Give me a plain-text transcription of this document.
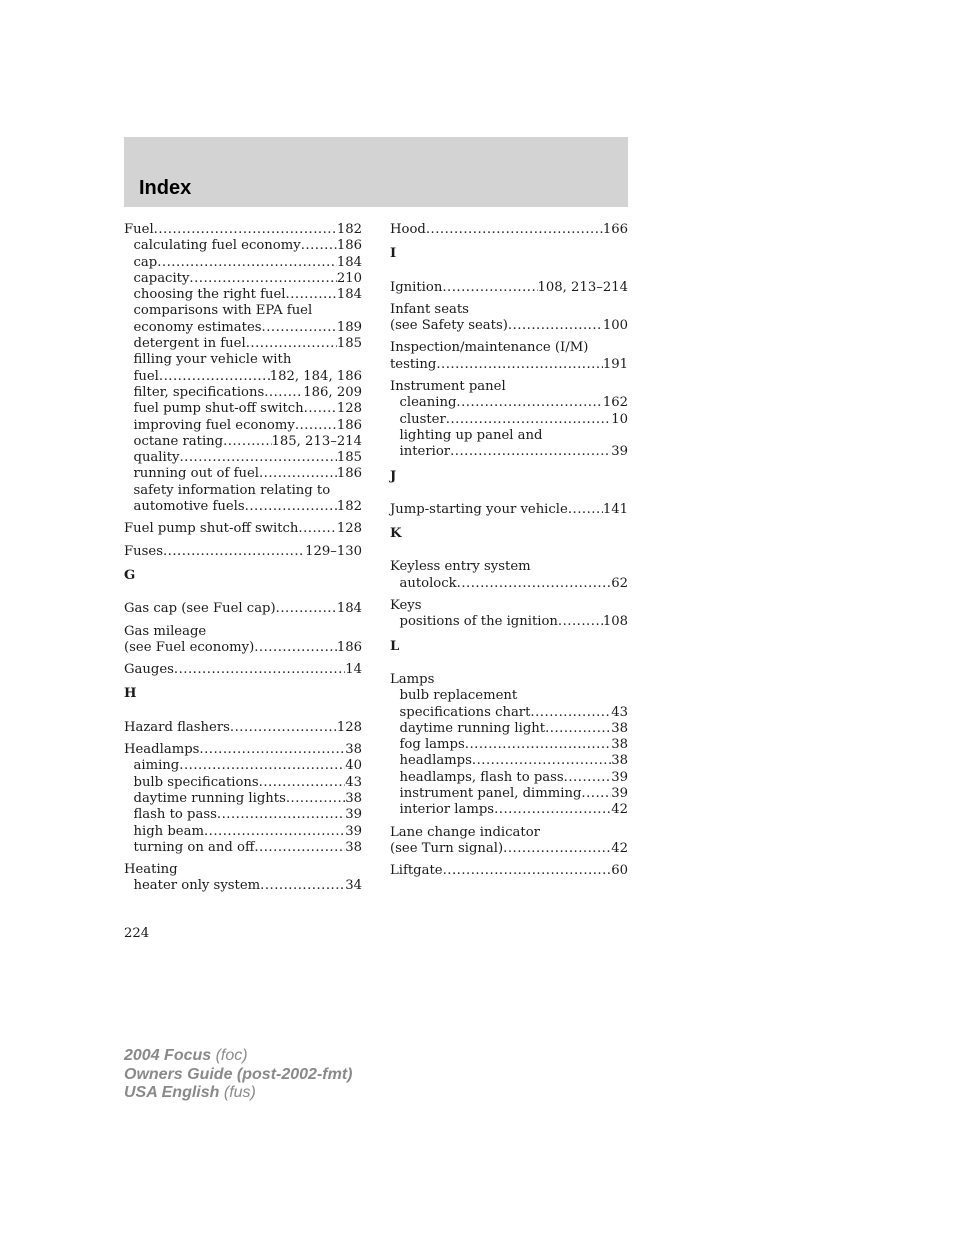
Index
Fuel .....	182
calculating fuel economy .....	186
cap .....	184
capacity .....	210
choosing the right fuel .....	184
comparisons with EPA fuel
economy estimates .....	189
detergent in fuel .....	185
filling your vehicle with
fuel .....	182, 184, 186
filter, specifications .....	186, 209
fuel pump shut-off switch .....	128
improving fuel economy .....	186
octane rating .....	185, 213–214
quality .....	185
running out of fuel .....	186
safety information relating to
automotive fuels .....	182
Fuel pump shut-off switch .....	128
Fuses .....	129–130
G
Gas cap (see Fuel cap) .....	184
Gas mileage
(see Fuel economy) .....	186
Gauges .....	14
H
Hazard flashers .....	128
Headlamps .....	38
aiming .....	40
bulb specifications .....	43
daytime running lights .....	38
flash to pass .....	39
high beam .....	39
turning on and off .....	38
Heating
heater only system .....	34
Hood .....	166
I
Ignition .....	108, 213–214
Infant seats
(see Safety seats) .....	100
Inspection/maintenance (I/M)
testing .....	191
Instrument panel
cleaning .....	162
cluster .....	10
lighting up panel and
interior .....	39
J
Jump-starting your vehicle .....	141
K
Keyless entry system
autolock .....	62
Keys
positions of the ignition .....	108
L
Lamps
bulb replacement
specifications chart .....	43
daytime running light .....	38
fog lamps .....	38
headlamps .....	38
headlamps, flash to pass .....	39
instrument panel, dimming ..... 39
interior lamps .....	42
Lane change indicator
(see Turn signal) .....	42
Liftgate .....	60
224
2004 Focus (foc)
Owners Guide (post-2002-fmt)
USA English (fus)
